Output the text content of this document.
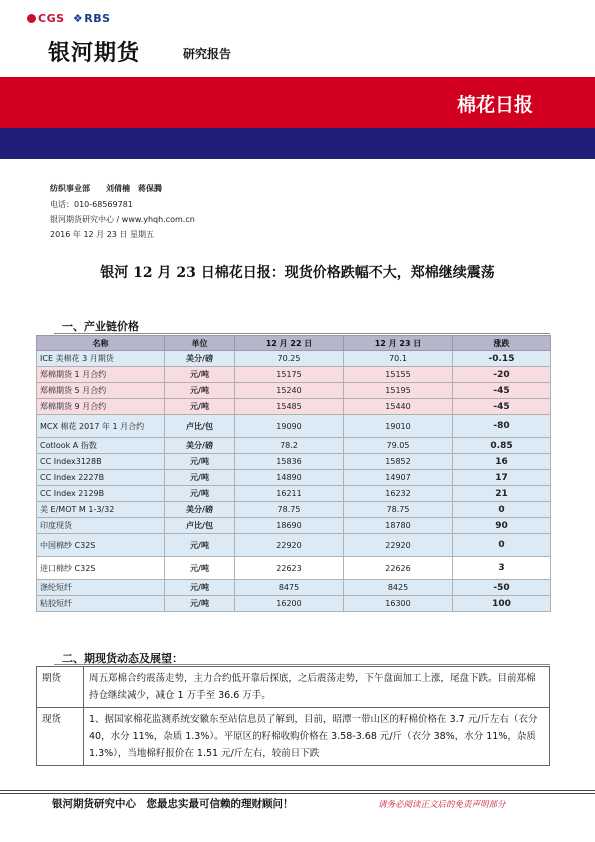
CGS ❖RBS
银河期货	研究报告
棉花日报
纺织事业部　　刘倩楠　蒋保腾
电话：010-68569781
银河期货研究中心 / www.yhqh.com.cn
2016 年 12 月 23 日 星期五
银河 12 月 23 日棉花日报：现货价格跌幅不大，郑棉继续震荡
一、产业链价格
名称	单位	12 月 22 日	12 月 23 日	涨跌
ICE 美棉花 3 月期货	美分/磅	70.25	70.1	-0.15
郑棉期货 1 月合约	元/吨	15175	15155	-20
郑棉期货 5 月合约	元/吨	15240	15195	-45
郑棉期货 9 月合约	元/吨	15485	15440	-45
MCX 棉花 2017 年 1 月合约	卢比/包	19090	19010	-80
Cotlook A 指数	美分/磅	78.2	79.05	0.85
CC Index3128B	元/吨	15836	15852	16
CC Index 2227B	元/吨	14890	14907	17
CC Index 2129B	元/吨	16211	16232	21
美 E/MOT M 1-3/32	美分/磅	78.75	78.75	0
印度现货	卢比/包	18690	18780	90
中国棉纱 C32S	元/吨	22920	22920	0
进口棉纱 C32S	元/吨	22623	22626	3
涤纶短纤	元/吨	8475	8425	-50
粘胶短纤	元/吨	16200	16300	100
二、期现货动态及展望：
期货	周五郑棉合约震荡走势，主力合约低开靠后探底，之后震荡走势，下午盘面加工上涨，尾盘下跌。目前郑棉持仓继续减少，减仓 1 万手至 36.6 万手。
现货	1、据国家棉花监测系统安徽东至站信息员了解到，目前，昭潭一带山区的籽棉价格在 3.7 元/斤左右（衣分 40，水分 11%，杂质 1.3%）。平原区的籽棉收购价格在 3.58-3.68 元/斤（衣分 38%，水分 11%，杂质 1.3%），当地棉籽报价在 1.51 元/斤左右，较前日下跌
银河期货研究中心　您最忠实最可信赖的理财顾问！	请务必阅读正文后的免责声明部分
